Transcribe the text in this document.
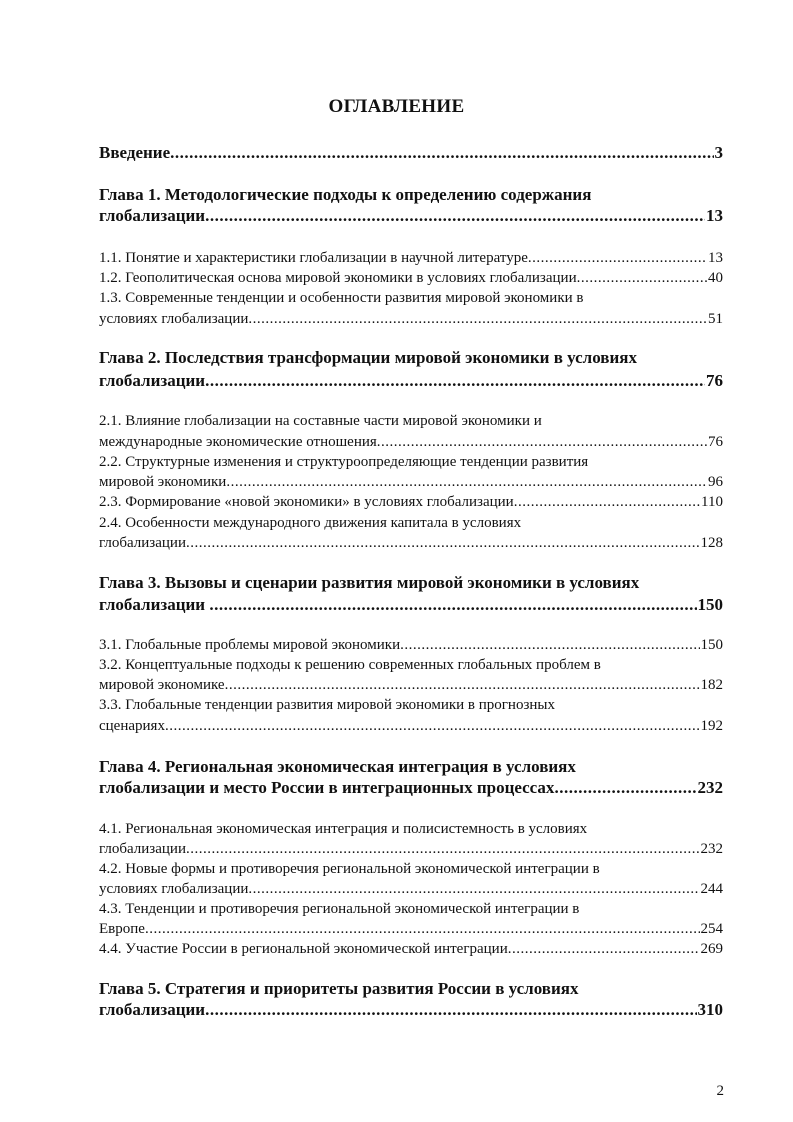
ОГЛАВЛЕНИЕ
Введение .....	3
Глава 1. Методологические подходы к определению содержания
глобализации .....	13
1.1. Понятие и характеристики глобализации в научной литературе .....	13
1.2. Геополитическая основа мировой экономики в условиях глобализации .....	40
1.3. Современные тенденции и особенности развития мировой экономики в
условиях глобализации .....	51
Глава 2. Последствия трансформации мировой экономики в условиях
глобализации .....	76
2.1. Влияние глобализации на составные части мировой экономики и
международные экономические отношения .....	76
2.2. Структурные изменения и структуроопределяющие тенденции развития
мировой экономики .....	96
2.3. Формирование «новой экономики» в условиях глобализации .....	110
2.4. Особенности международного движения капитала в условиях
глобализации .....	128
Глава 3. Вызовы и сценарии развития мировой экономики в условиях
глобализации .....	150
3.1. Глобальные проблемы мировой экономики .....	150
3.2. Концептуальные подходы к решению современных глобальных проблем в
мировой экономике .....	182
3.3. Глобальные тенденции развития мировой экономики в прогнозных
сценариях .....	192
Глава 4. Региональная экономическая интеграция в условиях
глобализации и место России в интеграционных процессах .....	232
4.1. Региональная экономическая интеграция и полисистемность в условиях
глобализации .....	232
4.2. Новые формы и противоречия региональной экономической интеграции в
условиях глобализации .....	244
4.3. Тенденции и противоречия региональной экономической интеграции в
Европе .....	254
4.4. Участие России в региональной экономической интеграции .....	269
Глава 5. Стратегия и приоритеты развития России в условиях
глобализации .....	310
2
